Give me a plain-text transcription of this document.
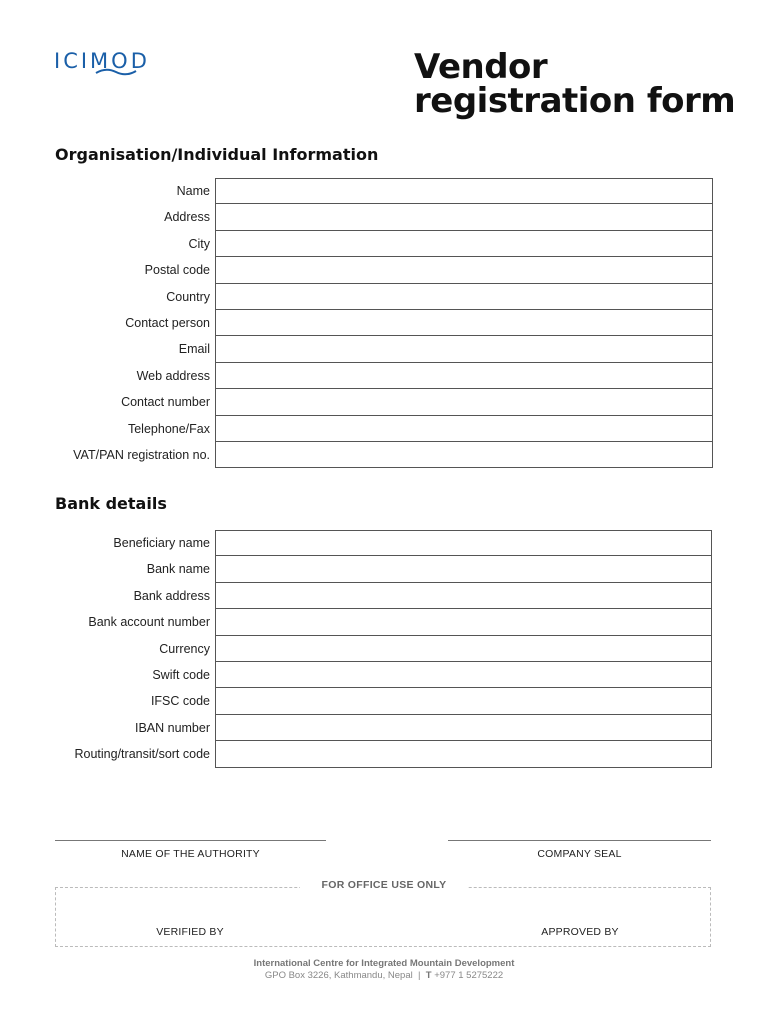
ICIMOD	Vendor
registration form
Organisation/Individual Information
Name
Address
City
Postal code
Country
Contact person
Email
Web address
Contact number
Telephone/Fax
VAT/PAN registration no.
Bank details
Beneficiary name
Bank name
Bank address
Bank account number
Currency
Swift code
IFSC code
IBAN number
Routing/transit/sort code
NAME OF THE AUTHORITY	COMPANY SEAL
FOR OFFICE USE ONLY
VERIFIED BY	APPROVED BY
International Centre for Integrated Mountain Development
GPO Box 3226, Kathmandu, Nepal | T +977 1 5275222
